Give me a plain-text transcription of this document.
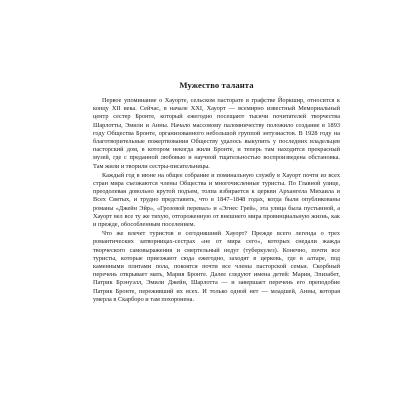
Мужество таланта

Первое упоминание о Хауорте, сельском пасторате в графстве Йоркшир, относится к концу XII века. Сейчас, в начале XXI, Хауорт — всемирно известный Мемориальный центр сестер Бронте, который ежегодно посещают тысячи почитателей творчества Шарлотты, Эмили и Анны. Начало массовому паломничеству положило создание в 1893 году Общества Бронте, организованного небольшой группой энтузиастов. В 1928 году на благотворительные пожертвования Обществу удалось выкупить у последних владельцев пасторский дом, в котором некогда жили Бронте, и теперь там находится прекрасный музей, где с преданной любовью и научной тщательностью воспроизведена обстановка. Там жили и творили сестры-писательницы.

Каждый год в июне на общее собрание и поминальную службу в Хауорт почти из всех стран мира съезжаются члены Общества и многочисленные туристы. По Главной улице, преодолевая довольно крутой подъем, толпа взбирается к церкви Архангела Михаила и Всех Святых, и трудно представить, что в 1847–1848 годах, когда были опубликованы романы «Джейн Эйр», «Грозовой перевал» и «Эгнес Грей», эта улица была пустынной, а Хауорт вел все ту же тихую, отгороженную от внешнего мира провинциальную жизнь, как и прежде, обособленным поселением.

Что же влечет туристов в сегодняшний Хауорт? Прежде всего легенда о трех романтических затворницах-сестрах «не от мира сего», которых снедали жажда творческого самовыражения и смертельный недуг (туберкулез). Конечно, почти все туристы, которые приезжают сюда ежегодно, заходят в церковь, где в алтаре, под каменными плитами пола, покоятся почти все члены пасторской семьи. Скорбный перечень открывает мать, Мария Бронте. Далее следуют имена детей: Мария, Элизабет, Патрик Брэнуэлл, Эмили Джейн, Шарлотта — и завершает перечень его преподобие Патрик Бронте, переживший их всех. И только одной нет — младшей, Анны, которая умерла в Скарборо и там похоронена.
